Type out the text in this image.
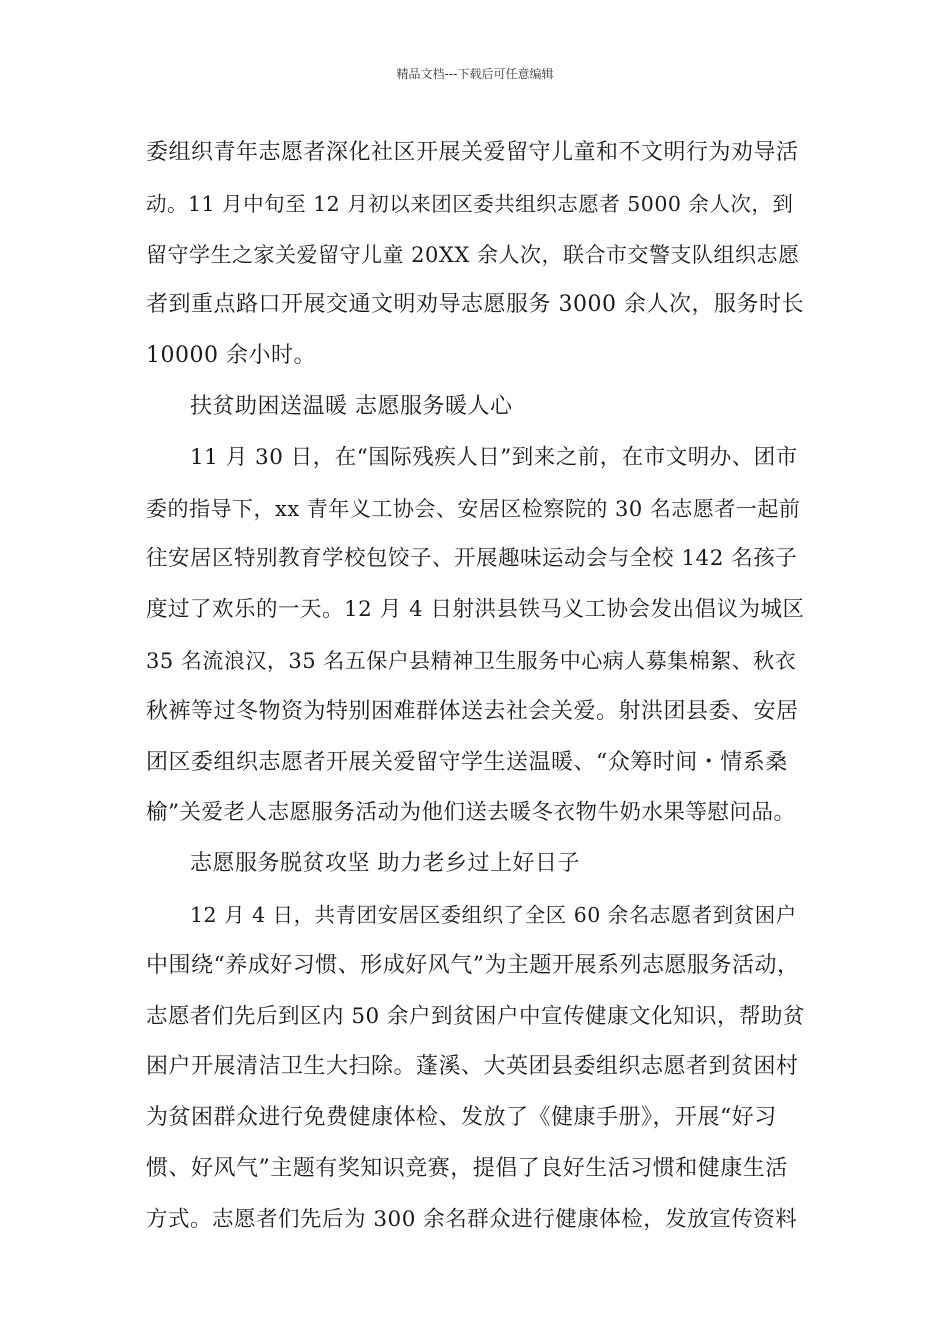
精品文档---下载后可任意编辑
委组织青年志愿者深化社区开展关爱留守儿童和不文明行为劝导活
动。11 月中旬至 12 月初以来团区委共组织志愿者 5000 余人次，到
留守学生之家关爱留守儿童 20XX 余人次，联合市交警支队组织志愿
者到重点路口开展交通文明劝导志愿服务 3000 余人次，服务时长
10000 余小时。
扶贫助困送温暖 志愿服务暖人心
11 月 30 日，在“国际残疾人日”到来之前，在市文明办、团市
委的指导下，xx 青年义工协会、安居区检察院的 30 名志愿者一起前
往安居区特别教育学校包饺子、开展趣味运动会与全校 142 名孩子
度过了欢乐的一天。12 月 4 日射洪县铁马义工协会发出倡议为城区
35 名流浪汉，35 名五保户县精神卫生服务中心病人募集棉絮、秋衣
秋裤等过冬物资为特别困难群体送去社会关爱。射洪团县委、安居
团区委组织志愿者开展关爱留守学生送温暖、“众筹时间・情系桑
榆”关爱老人志愿服务活动为他们送去暖冬衣物牛奶水果等慰问品。
志愿服务脱贫攻坚 助力老乡过上好日子
12 月 4 日，共青团安居区委组织了全区 60 余名志愿者到贫困户
中围绕“养成好习惯、形成好风气”为主题开展系列志愿服务活动，
志愿者们先后到区内 50 余户到贫困户中宣传健康文化知识，帮助贫
困户开展清洁卫生大扫除。蓬溪、大英团县委组织志愿者到贫困村
为贫困群众进行免费健康体检、发放了《健康手册》，开展“好习
惯、好风气”主题有奖知识竞赛，提倡了良好生活习惯和健康生活
方式。志愿者们先后为 300 余名群众进行健康体检，发放宣传资料
